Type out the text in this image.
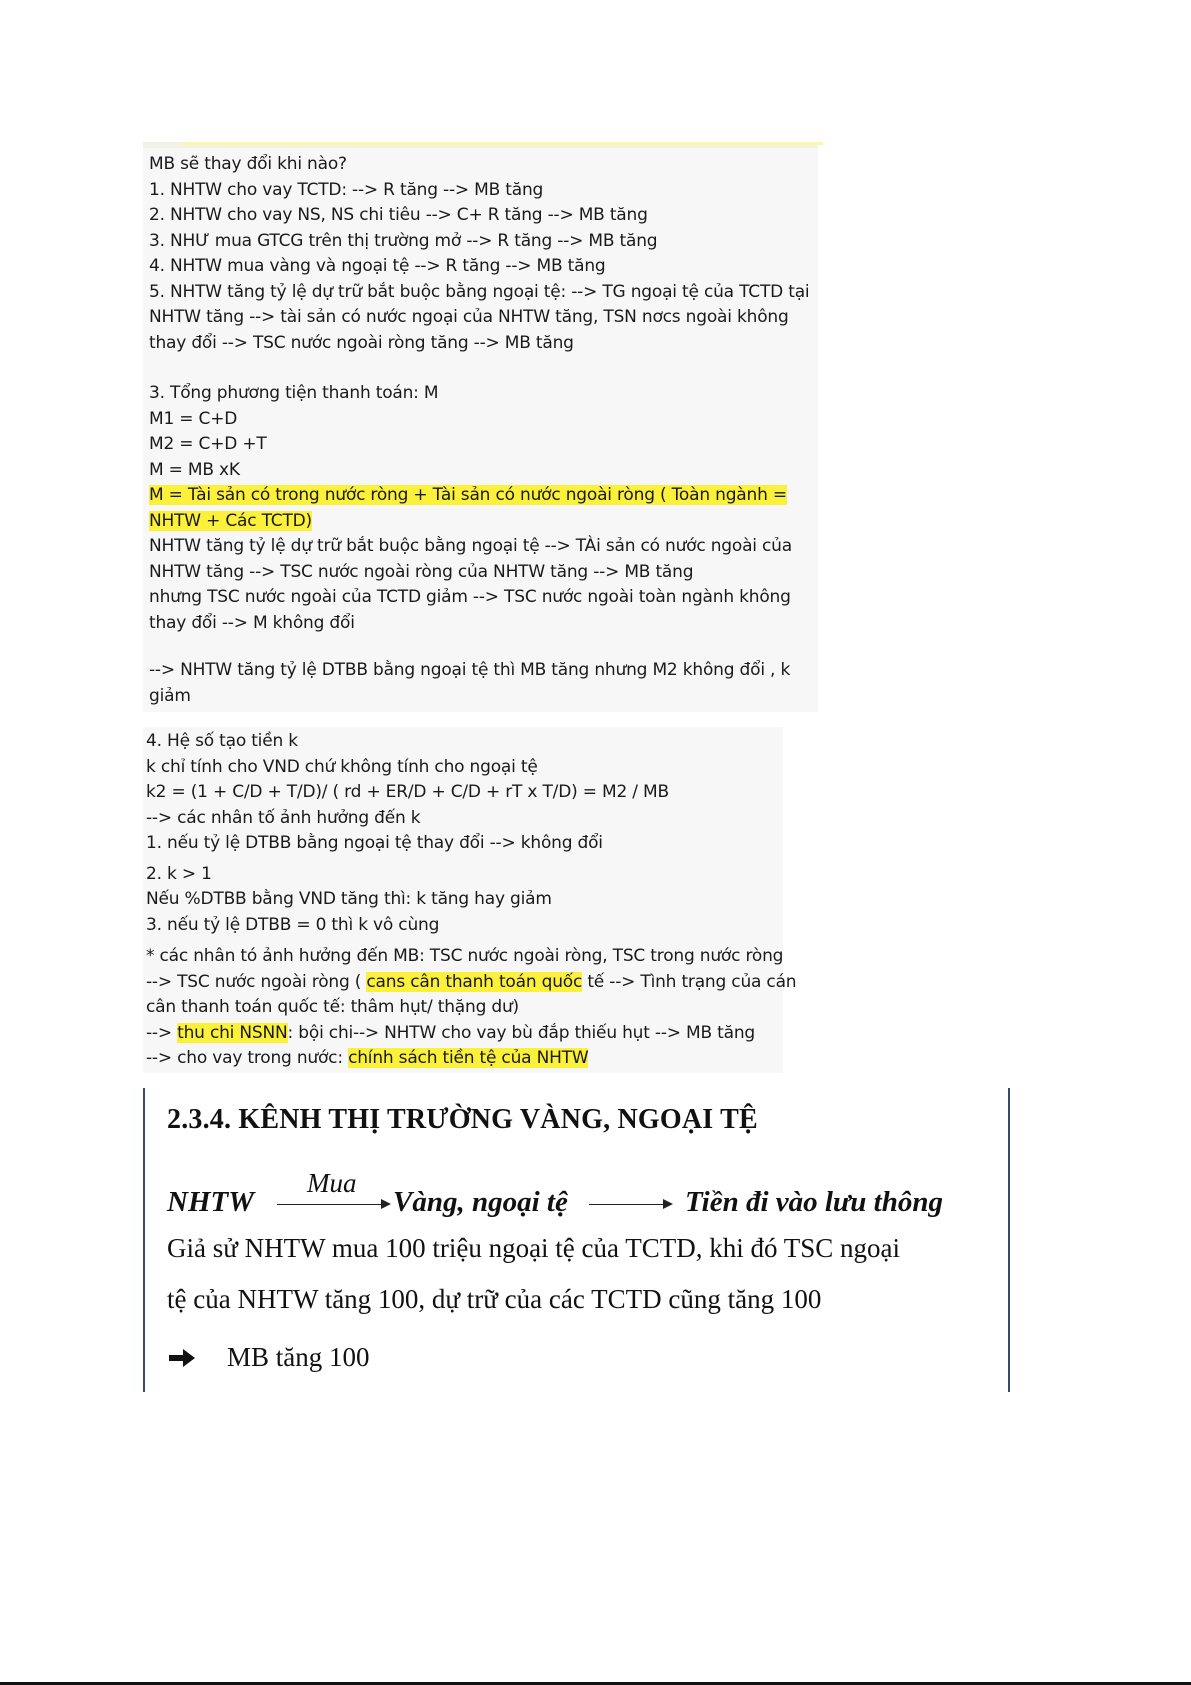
MB sẽ thay đổi khi nào?
1. NHTW cho vay TCTD: --> R tăng --> MB tăng
2. NHTW cho vay NS, NS chi tiêu --> C+ R tăng --> MB tăng
3. NHƯ mua GTCG trên thị trường mở --> R tăng --> MB tăng
4. NHTW mua vàng và ngoại tệ --> R tăng --> MB tăng
5. NHTW tăng tỷ lệ dự trữ bắt buộc bằng ngoại tệ: --> TG ngoại tệ của TCTD tại
NHTW tăng --> tài sản có nước ngoại của NHTW tăng, TSN nơcs ngoài không
thay đổi --> TSC nước ngoài ròng tăng --> MB tăng
3. Tổng phương tiện thanh toán: M
M1 = C+D
M2 = C+D +T
M = MB xK
M = Tài sản có trong nước ròng + Tài sản có nước ngoài ròng ( Toàn ngành =
NHTW + Các TCTD)
NHTW tăng tỷ lệ dự trữ bắt buộc bằng ngoại tệ --> TÀi sản có nước ngoài của
NHTW tăng --> TSC nước ngoài ròng của NHTW tăng --> MB tăng
nhưng TSC nước ngoài của TCTD giảm --> TSC nước ngoài toàn ngành không
thay đổi --> M không đổi
--> NHTW tăng tỷ lệ DTBB bằng ngoại tệ thì MB tăng nhưng M2 không đổi , k
giảm
4. Hệ số tạo tiền k
k chỉ tính cho VND chứ không tính cho ngoại tệ
k2 = (1 + C/D + T/D)/ ( rd + ER/D + C/D + rT x T/D) = M2 / MB
--> các nhân tố ảnh hưởng đến k
1. nếu tỷ lệ DTBB bằng ngoại tệ thay đổi --> không đổi
2. k > 1
Nếu %DTBB bằng VND tăng thì: k tăng hay giảm
3. nếu tỷ lệ DTBB = 0 thì k vô cùng
* các nhân tó ảnh hưởng đến MB: TSC nước ngoài ròng, TSC trong nước ròng
--> TSC nước ngoài ròng ( cans cân thanh toán quốc tế --> Tình trạng của cán
cân thanh toán quốc tế: thâm hụt/ thặng dư)
--> thu chi NSNN: bội chi--> NHTW cho vay bù đắp thiếu hụt --> MB tăng
--> cho vay trong nước: chính sách tiền tệ của NHTW
2.3.4. KÊNH THỊ TRƯỜNG VÀNG, NGOẠI TỆ
NHTW
Mua
Vàng, ngoại tệ	Tiền đi vào lưu thông

Giả sử NHTW mua 100 triệu ngoại tệ của TCTD, khi đó TSC ngoại

tệ của NHTW tăng 100, dự trữ của các TCTD cũng tăng 100

MB tăng 100
